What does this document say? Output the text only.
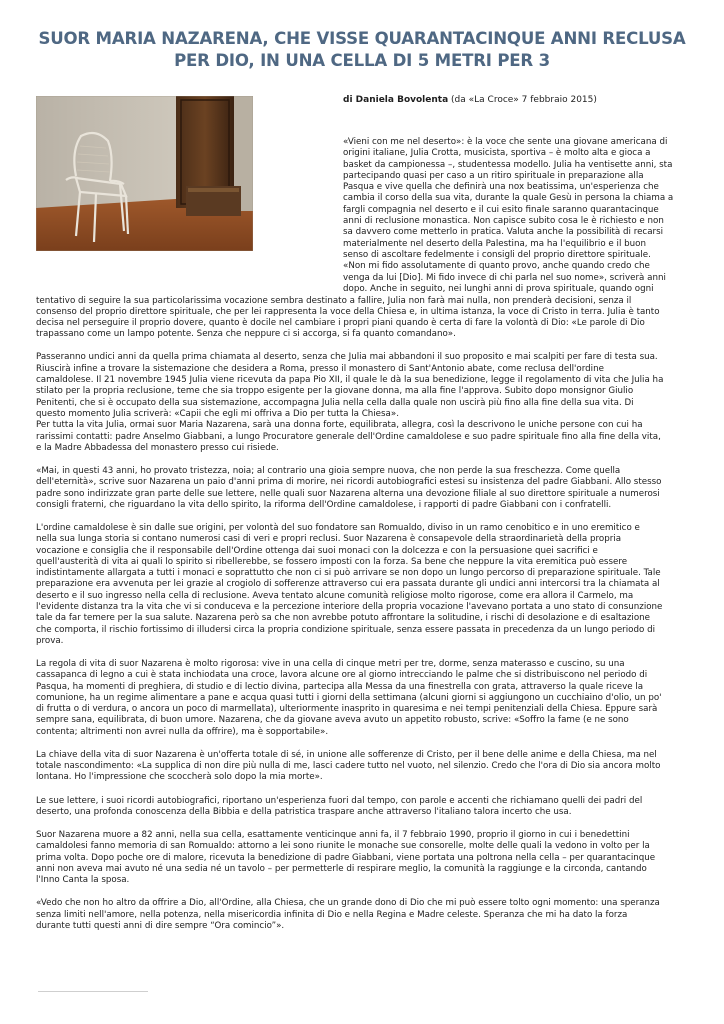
SUOR MARIA NAZARENA, CHE VISSE QUARANTACINQUE ANNI RECLUSA
PER DIO, IN UNA CELLA DI 5 METRI PER 3
di Daniela Bovolenta (da «La Croce» 7 febbraio 2015)
«Vieni con me nel deserto»: è la voce che sente una giovane americana di
origini italiane, Julia Crotta, musicista, sportiva – è molto alta e gioca a
basket da campionessa –, studentessa modello. Julia ha ventisette anni, sta
partecipando quasi per caso a un ritiro spirituale in preparazione alla
Pasqua e vive quella che definirà una nox beatissima, un'esperienza che
cambia il corso della sua vita, durante la quale Gesù in persona la chiama a
fargli compagnia nel deserto e il cui esito finale saranno quarantacinque
anni di reclusione monastica. Non capisce subito cosa le è richiesto e non
sa davvero come metterlo in pratica. Valuta anche la possibilità di recarsi
materialmente nel deserto della Palestina, ma ha l'equilibrio e il buon
senso di ascoltare fedelmente i consigli del proprio direttore spirituale.
«Non mi fido assolutamente di quanto provo, anche quando credo che
venga da lui [Dio]. Mi fido invece di chi parla nel suo nome», scriverà anni
dopo. Anche in seguito, nei lunghi anni di prova spirituale, quando ogni
tentativo di seguire la sua particolarissima vocazione sembra destinato a fallire, Julia non farà mai nulla, non prenderà decisioni, senza il
consenso del proprio direttore spirituale, che per lei rappresenta la voce della Chiesa e, in ultima istanza, la voce di Cristo in terra. Julia è tanto
decisa nel perseguire il proprio dovere, quanto è docile nel cambiare i propri piani quando è certa di fare la volontà di Dio: «Le parole di Dio
trapassano come un lampo potente. Senza che neppure ci si accorga, si fa quanto comandano».
Passeranno undici anni da quella prima chiamata al deserto, senza che Julia mai abbandoni il suo proposito e mai scalpiti per fare di testa sua.
Riuscirà infine a trovare la sistemazione che desidera a Roma, presso il monastero di Sant'Antonio abate, come reclusa dell'ordine
camaldolese. Il 21 novembre 1945 Julia viene ricevuta da papa Pio XII, il quale le dà la sua benedizione, legge il regolamento di vita che Julia ha
stilato per la propria reclusione, teme che sia troppo esigente per la giovane donna, ma alla fine l'approva. Subito dopo monsignor Giulio
Penitenti, che si è occupato della sua sistemazione, accompagna Julia nella cella dalla quale non uscirà più fino alla fine della sua vita. Di
questo momento Julia scriverà: «Capii che egli mi offriva a Dio per tutta la Chiesa».
Per tutta la vita Julia, ormai suor Maria Nazarena, sarà una donna forte, equilibrata, allegra, così la descrivono le uniche persone con cui ha
rarissimi contatti: padre Anselmo Giabbani, a lungo Procuratore generale dell'Ordine camaldolese e suo padre spirituale fino alla fine della vita,
e la Madre Abbadessa del monastero presso cui risiede.
«Mai, in questi 43 anni, ho provato tristezza, noia; al contrario una gioia sempre nuova, che non perde la sua freschezza. Come quella
dell'eternità», scrive suor Nazarena un paio d'anni prima di morire, nei ricordi autobiografici estesi su insistenza del padre Giabbani. Allo stesso
padre sono indirizzate gran parte delle sue lettere, nelle quali suor Nazarena alterna una devozione filiale al suo direttore spirituale a numerosi
consigli fraterni, che riguardano la vita dello spirito, la riforma dell'Ordine camaldolese, i rapporti di padre Giabbani con i confratelli.
L'ordine camaldolese è sin dalle sue origini, per volontà del suo fondatore san Romualdo, diviso in un ramo cenobitico e in uno eremitico e
nella sua lunga storia si contano numerosi casi di veri e propri reclusi. Suor Nazarena è consapevole della straordinarietà della propria
vocazione e consiglia che il responsabile dell'Ordine ottenga dai suoi monaci con la dolcezza e con la persuasione quei sacrifici e
quell'austerità di vita ai quali lo spirito si ribellerebbe, se fossero imposti con la forza. Sa bene che neppure la vita eremitica può essere
indistintamente allargata a tutti i monaci e soprattutto che non ci si può arrivare se non dopo un lungo percorso di preparazione spirituale. Tale
preparazione era avvenuta per lei grazie al crogiolo di sofferenze attraverso cui era passata durante gli undici anni intercorsi tra la chiamata al
deserto e il suo ingresso nella cella di reclusione. Aveva tentato alcune comunità religiose molto rigorose, come era allora il Carmelo, ma
l'evidente distanza tra la vita che vi si conduceva e la percezione interiore della propria vocazione l'avevano portata a uno stato di consunzione
tale da far temere per la sua salute. Nazarena però sa che non avrebbe potuto affrontare la solitudine, i rischi di desolazione e di esaltazione
che comporta, il rischio fortissimo di illudersi circa la propria condizione spirituale, senza essere passata in precedenza da un lungo periodo di
prova.
La regola di vita di suor Nazarena è molto rigorosa: vive in una cella di cinque metri per tre, dorme, senza materasso e cuscino, su una
cassapanca di legno a cui è stata inchiodata una croce, lavora alcune ore al giorno intrecciando le palme che si distribuiscono nel periodo di
Pasqua, ha momenti di preghiera, di studio e di lectio divina, partecipa alla Messa da una finestrella con grata, attraverso la quale riceve la
comunione, ha un regime alimentare a pane e acqua quasi tutti i giorni della settimana (alcuni giorni si aggiungono un cucchiaino d'olio, un po'
di frutta o di verdura, o ancora un poco di marmellata), ulteriormente inasprito in quaresima e nei tempi penitenziali della Chiesa. Eppure sarà
sempre sana, equilibrata, di buon umore. Nazarena, che da giovane aveva avuto un appetito robusto, scrive: «Soffro la fame (e ne sono
contenta; altrimenti non avrei nulla da offrire), ma è sopportabile».
La chiave della vita di suor Nazarena è un'offerta totale di sé, in unione alle sofferenze di Cristo, per il bene delle anime e della Chiesa, ma nel
totale nascondimento: «La supplica di non dire più nulla di me, lasci cadere tutto nel vuoto, nel silenzio. Credo che l'ora di Dio sia ancora molto
lontana. Ho l'impressione che scoccherà solo dopo la mia morte».
Le sue lettere, i suoi ricordi autobiografici, riportano un'esperienza fuori dal tempo, con parole e accenti che richiamano quelli dei padri del
deserto, una profonda conoscenza della Bibbia e della patristica traspare anche attraverso l'italiano talora incerto che usa.
Suor Nazarena muore a 82 anni, nella sua cella, esattamente venticinque anni fa, il 7 febbraio 1990, proprio il giorno in cui i benedettini
camaldolesi fanno memoria di san Romualdo: attorno a lei sono riunite le monache sue consorelle, molte delle quali la vedono in volto per la
prima volta. Dopo poche ore di malore, ricevuta la benedizione di padre Giabbani, viene portata una poltrona nella cella – per quarantacinque
anni non aveva mai avuto né una sedia né un tavolo – per permetterle di respirare meglio, la comunità la raggiunge e la circonda, cantando
l'Inno Canta la sposa.
«Vedo che non ho altro da offrire a Dio, all'Ordine, alla Chiesa, che un grande dono di Dio che mi può essere tolto ogni momento: una speranza
senza limiti nell'amore, nella potenza, nella misericordia infinita di Dio e nella Regina e Madre celeste. Speranza che mi ha dato la forza
durante tutti questi anni di dire sempre “Ora comincio”».
